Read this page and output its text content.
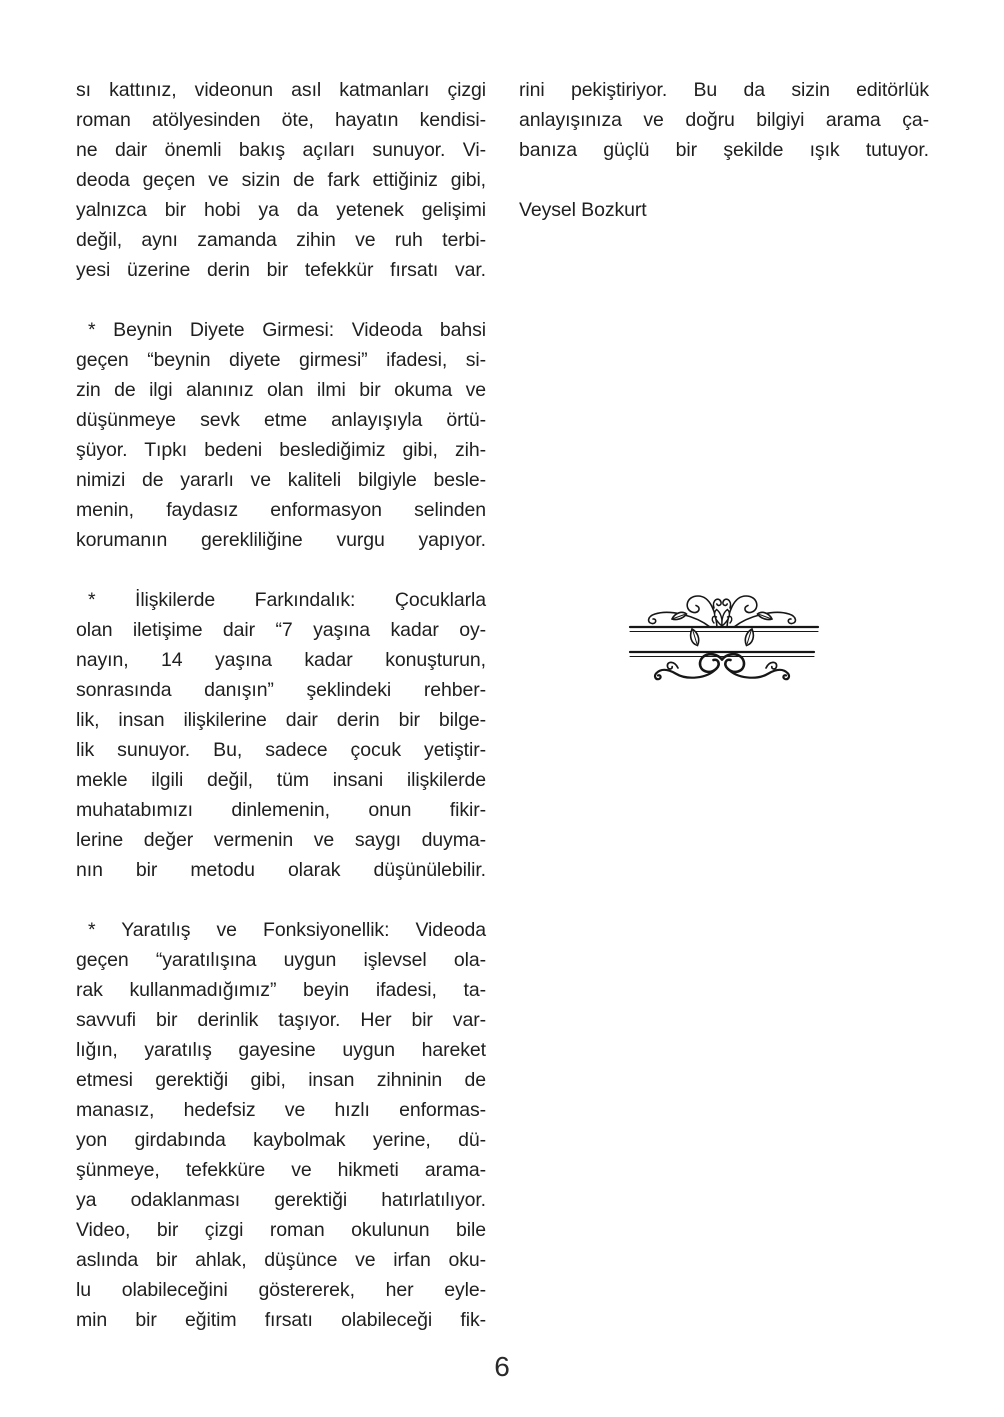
sı kattınız, videonun asıl katmanları çizgi
roman atölyesinden öte, hayatın kendisi-
ne dair önemli bakış açıları sunuyor. Vi-
deoda geçen ve sizin de fark ettiğiniz gibi,
yalnızca bir hobi ya da yetenek gelişimi
değil, aynı zamanda zihin ve ruh terbi-
yesi üzerine derin bir tefekkür fırsatı var.
* Beynin Diyete Girmesi: Videoda bahsi
geçen “beynin diyete girmesi” ifadesi, si-
zin de ilgi alanınız olan ilmi bir okuma ve
düşünmeye sevk etme anlayışıyla örtü-
şüyor. Tıpkı bedeni beslediğimiz gibi, zih-
nimizi de yararlı ve kaliteli bilgiyle besle-
menin, faydasız enformasyon selinden
korumanın gerekliliğine vurgu yapıyor.
* İlişkilerde Farkındalık: Çocuklarla
olan iletişime dair “7 yaşına kadar oy-
nayın, 14 yaşına kadar konuşturun,
sonrasında danışın” şeklindeki rehber-
lik, insan ilişkilerine dair derin bir bilge-
lik sunuyor. Bu, sadece çocuk yetiştir-
mekle ilgili değil, tüm insani ilişkilerde
muhatabımızı dinlemenin, onun fikir-
lerine değer vermenin ve saygı duyma-
nın bir metodu olarak düşünülebilir.
* Yaratılış ve Fonksiyonellik: Videoda
geçen “yaratılışına uygun işlevsel ola-
rak kullanmadığımız” beyin ifadesi, ta-
savvufi bir derinlik taşıyor. Her bir var-
lığın, yaratılış gayesine uygun hareket
etmesi gerektiği gibi, insan zihninin de
manasız, hedefsiz ve hızlı enformas-
yon girdabında kaybolmak yerine, dü-
şünmeye, tefekküre ve hikmeti arama-
ya odaklanması gerektiği hatırlatılıyor.
Video, bir çizgi roman okulunun bile
aslında bir ahlak, düşünce ve irfan oku-
lu olabileceğini göstererek, her eyle-
min bir eğitim fırsatı olabileceği fik-
rini pekiştiriyor. Bu da sizin editörlük
anlayışınıza ve doğru bilgiyi arama ça-
banıza güçlü bir şekilde ışık tutuyor.
Veysel Bozkurt
6
